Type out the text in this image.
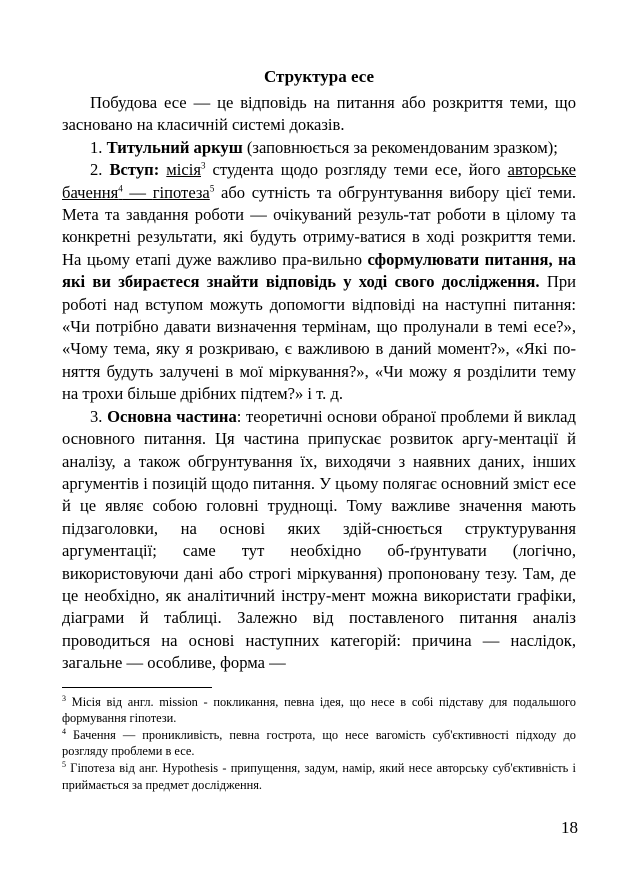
Структура есе

Побудова есе — це відповідь на питання або розкриття теми, що засновано на класичній системі доказів.

1. Титульний аркуш (заповнюється за рекомендованим зразком);

2. Вступ: місія$^3$ студента щодо розгляду теми есе, його авторське бачення$^4$ — гіпотеза$^5$ або сутність та обгрунтування вибору цієї теми. Мета та завдання роботи — очікуваний резуль-тат роботи в цілому та конкретні результати, які будуть отриму-ватися в ході розкриття теми. На цьому етапі дуже важливо пра-вильно сформулювати питання, на які ви збираєтеся знайти відповідь у ході свого дослідження. При роботі над вступом можуть допомогти відповіді на наступні питання: «Чи потрібно давати визначення термінам, що пролунали в темі есе?», «Чому тема, яку я розкриваю, є важливою в даний момент?», «Які по-няття будуть залучені в мої міркування?», «Чи можу я розділити тему на трохи більше дрібних підтем?» і т. д.

3. Основна частина: теоретичні основи обраної проблеми й виклад основного питання. Ця частина припускає розвиток аргу-ментації й аналізу, а також обгрунтування їх, виходячи з наявних даних, інших аргументів і позицій щодо питання. У цьому полягає основний зміст есе й це являє собою головні труднощі. Тому важливе значення мають підзаголовки, на основі яких здій-снюється структурування аргументації; саме тут необхідно об-ґрунтувати (логічно, використовуючи дані або строгі міркування) пропоновану тезу. Там, де це необхідно, як аналітичний інстру-мент можна використати графіки, діаграми й таблиці. Залежно від поставленого питання аналіз проводиться на основі наступних категорій: причина — наслідок, загальне — особливе, форма —

$^3$ Місія від англ. mission - покликання, певна ідея, що несе в собі підставу для подальшого формування гіпотези.

$^4$ Бачення — проникливість, певна гострота, що несе вагомість суб'єктивності підходу до розгляду проблеми в есе.

$^5$ Гіпотеза від анг. Hypothesis - припущення, задум, намір, який несе авторську суб'єктивність і приймається за предмет дослідження.

18
